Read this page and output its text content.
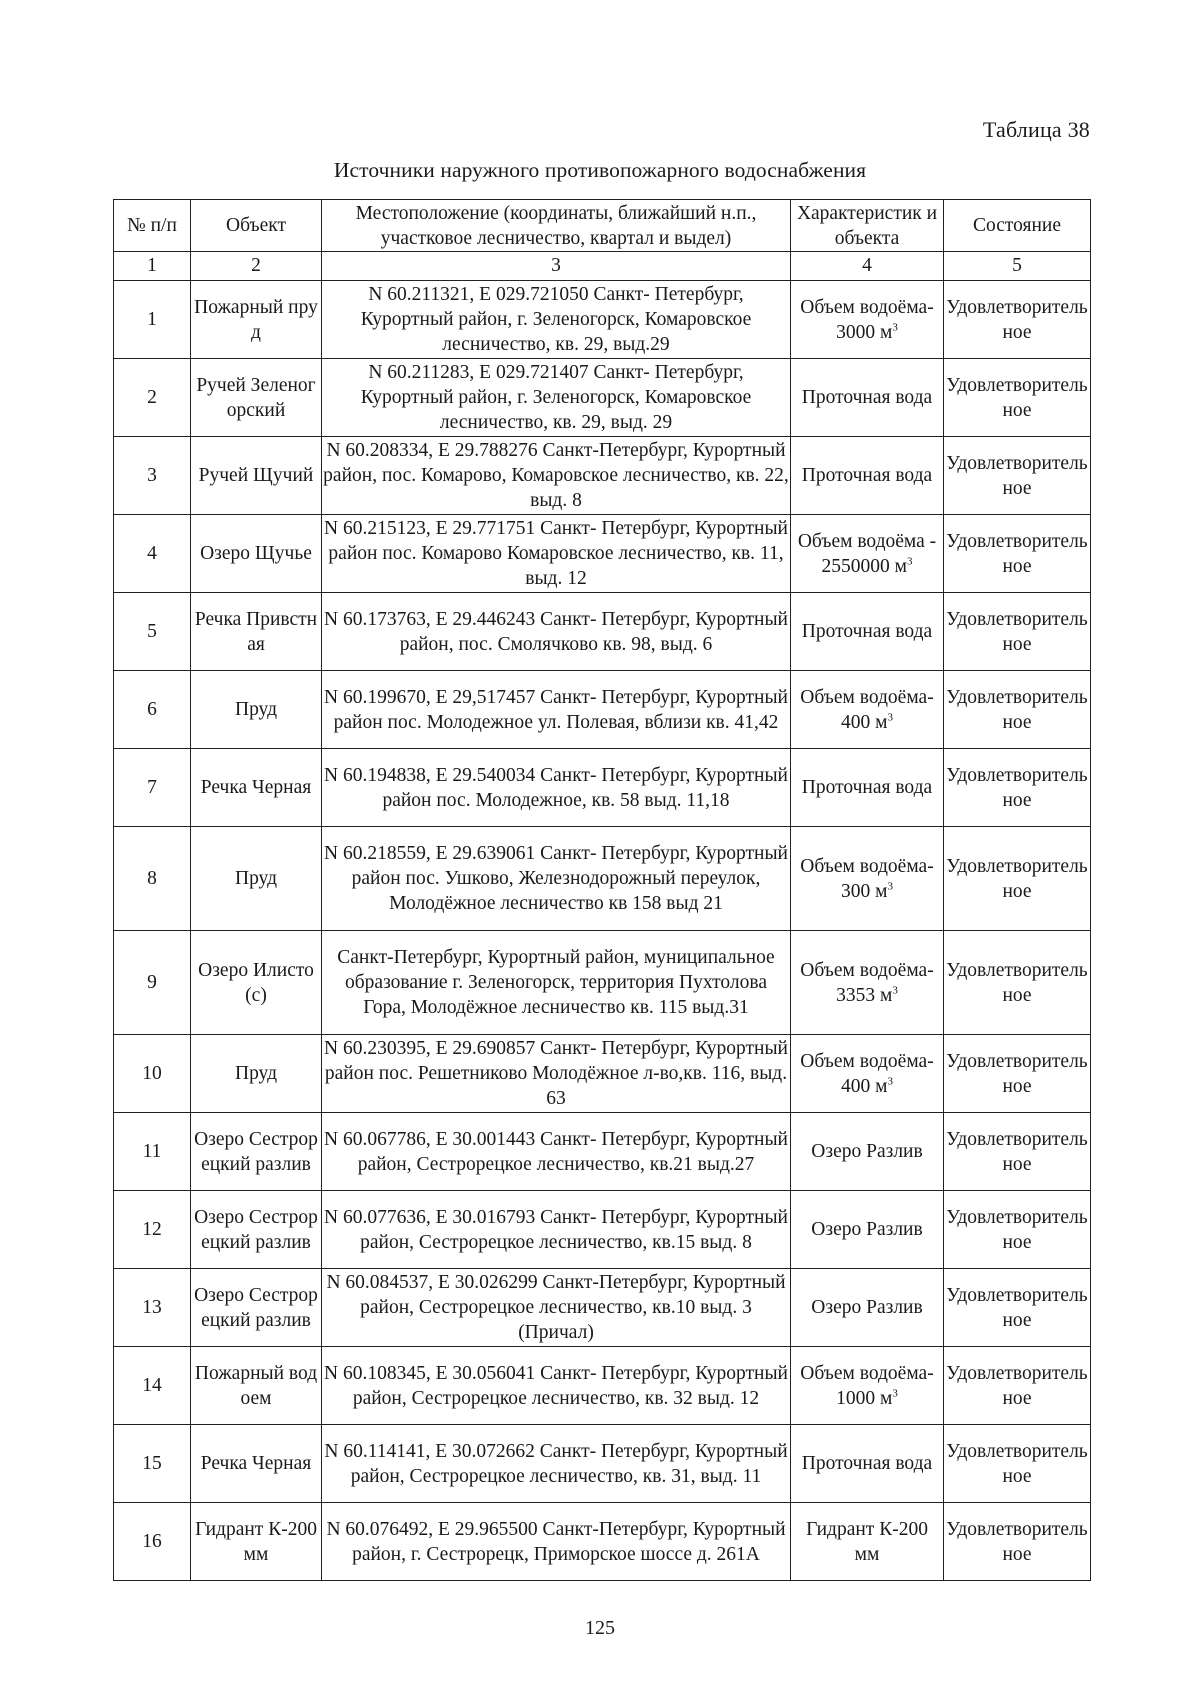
Таблица 38
Источники наружного противопожарного водоснабжения
№ п/п	Объект	Местоположение (координаты, ближайший н.п., участковое лесничество, квартал и выдел)	Характеристик и объекта	Состояние
1	2	3	4	5
1	Пожарный пруд	N 60.211321, E 029.721050 Санкт- Петербург, Курортный район, г. Зеленогорск, Комаровское лесничество, кв. 29, выд.29	Объем водоёма- 3000 $м^3$	Удовлетворительное
2	Ручей Зеленогорский	N 60.211283, E 029.721407 Санкт- Петербург, Курортный район, г. Зеленогорск, Комаровское лесничество, кв. 29, выд. 29	Проточная вода	Удовлетворительное
3	Ручей Щучий	N 60.208334, E 29.788276 Санкт-Петербург, Курортный район, пос. Комарово, Комаровское лесничество, кв. 22, выд. 8	Проточная вода	Удовлетворительное
4	Озеро Щучье	N 60.215123, E 29.771751 Санкт- Петербург, Курортный район пос. Комарово Комаровское лесничество, кв. 11, выд. 12	Объем водоёма - 2550000 $м^3$	Удовлетворительное
5	Речка Привстная	N 60.173763, E 29.446243 Санкт- Петербург, Курортный район, пос. Смолячково кв. 98, выд. 6	Проточная вода	Удовлетворительное
6	Пруд	N 60.199670, E 29,517457 Санкт- Петербург, Курортный район пос. Молодежное ул. Полевая, вблизи кв. 41,42	Объем водоёма- 400 $м^3$	Удовлетворительное
7	Речка Черная	N 60.194838, E 29.540034 Санкт- Петербург, Курортный район пос. Молодежное, кв. 58 выд. 11,18	Проточная вода	Удовлетворительное
8	Пруд	N 60.218559, E 29.639061 Санкт- Петербург, Курортный район пос. Ушково, Железнодорожный переулок, Молодёжное лесничество кв 158 выд 21	Объем водоёма- 300 $м^3$	Удовлетворительное
9	Озеро Илисто (с)	Санкт-Петербург, Курортный район, муниципальное образование г. Зеленогорск, территория Пухтолова Гора, Молодёжное лесничество кв. 115 выд.31	Объем водоёма- 3353 $м^3$	Удовлетворительное
10	Пруд	N 60.230395, E 29.690857 Санкт- Петербург, Курортный район пос. Решетниково Молодёжное л-во,кв. 116, выд. 63	Объем водоёма- 400 $м^3$	Удовлетворительное
11	Озеро Сестрорецкий разлив	N 60.067786, E 30.001443 Санкт- Петербург, Курортный район, Сестрорецкое лесничество, кв.21 выд.27	Озеро Разлив	Удовлетворительное
12	Озеро Сестрорецкий разлив	N 60.077636, E 30.016793 Санкт- Петербург, Курортный район, Сестрорецкое лесничество, кв.15 выд. 8	Озеро Разлив	Удовлетворительное
13	Озеро Сестрорецкий разлив	N 60.084537, E 30.026299 Санкт-Петербург, Курортный район, Сестрорецкое лесничество, кв.10 выд. 3 (Причал)	Озеро Разлив	Удовлетворительное
14	Пожарный водоем	N 60.108345, E 30.056041 Санкт- Петербург, Курортный район, Сестрорецкое лесничество, кв. 32 выд. 12	Объем водоёма- 1000 $м^3$	Удовлетворительное
15	Речка Черная	N 60.114141, E 30.072662 Санкт- Петербург, Курортный район, Сестрорецкое лесничество, кв. 31, выд. 11	Проточная вода	Удовлетворительное
16	Гидрант К-200 мм	N 60.076492, E 29.965500 Санкт-Петербург, Курортный район, г. Сестрорецк, Приморское шоссе д. 261А	Гидрант К-200 мм	Удовлетворительное
125
